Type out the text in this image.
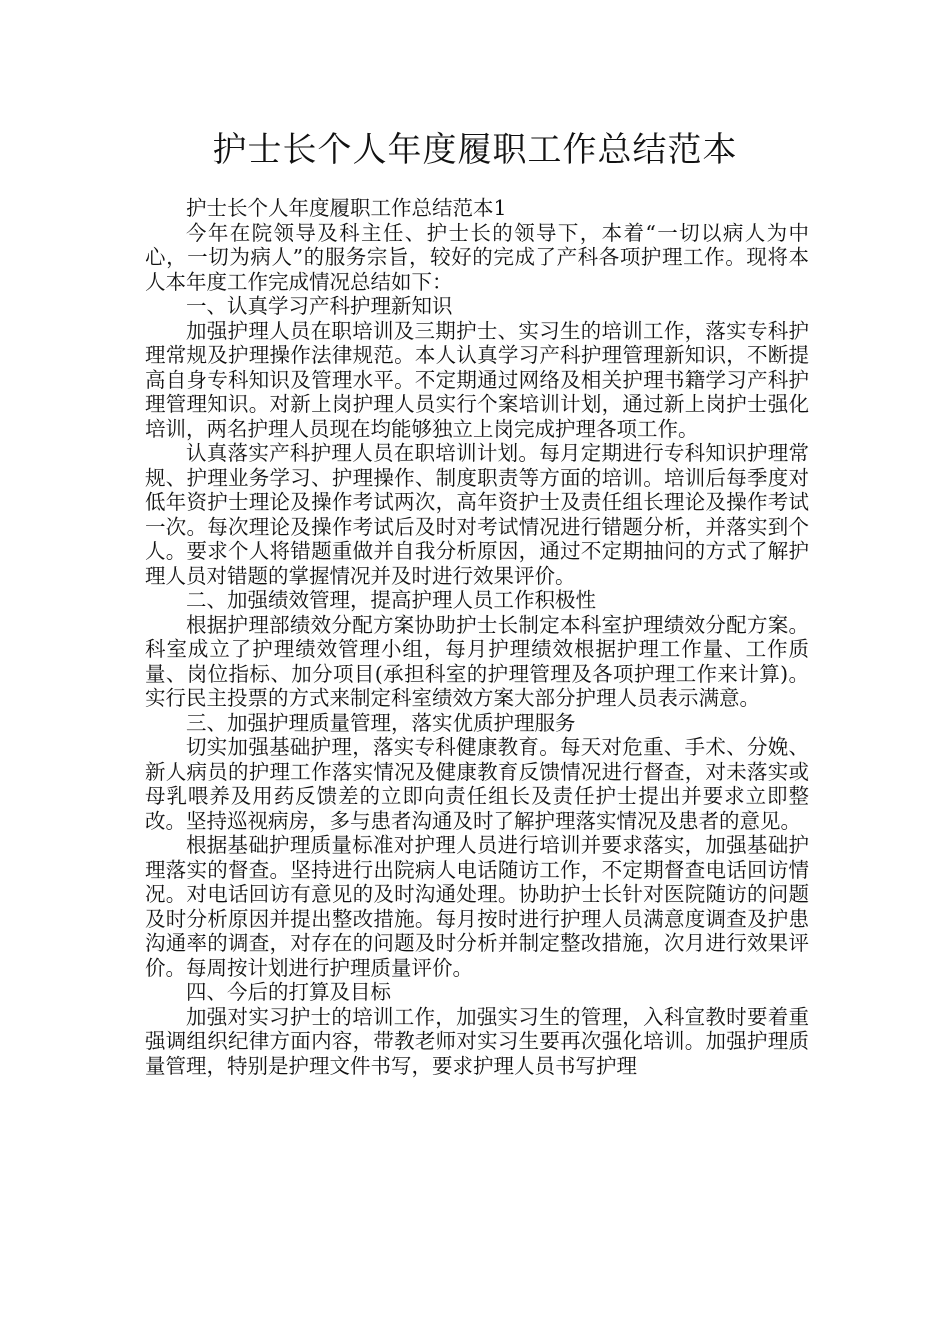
护士长个人年度履职工作总结范本

护士长个人年度履职工作总结范本1

今年在院领导及科主任、护士长的领导下，本着“一切以病人为中心，一切为病人”的服务宗旨，较好的完成了产科各项护理工作。现将本人本年度工作完成情况总结如下：

一、认真学习产科护理新知识

加强护理人员在职培训及三期护士、实习生的培训工作，落实专科护理常规及护理操作法律规范。本人认真学习产科护理管理新知识，不断提高自身专科知识及管理水平。不定期通过网络及相关护理书籍学习产科护理管理知识。对新上岗护理人员实行个案培训计划，通过新上岗护士强化培训，两名护理人员现在均能够独立上岗完成护理各项工作。

认真落实产科护理人员在职培训计划。每月定期进行专科知识护理常规、护理业务学习、护理操作、制度职责等方面的培训。培训后每季度对低年资护士理论及操作考试两次，高年资护士及责任组长理论及操作考试一次。每次理论及操作考试后及时对考试情况进行错题分析，并落实到个人。要求个人将错题重做并自我分析原因，通过不定期抽问的方式了解护理人员对错题的掌握情况并及时进行效果评价。

二、加强绩效管理，提高护理人员工作积极性

根据护理部绩效分配方案协助护士长制定本科室护理绩效分配方案。科室成立了护理绩效管理小组，每月护理绩效根据护理工作量、工作质量、岗位指标、加分项目(承担科室的护理管理及各项护理工作来计算)。实行民主投票的方式来制定科室绩效方案大部分护理人员表示满意。

三、加强护理质量管理，落实优质护理服务

切实加强基础护理，落实专科健康教育。每天对危重、手术、分娩、新人病员的护理工作落实情况及健康教育反馈情况进行督查，对未落实或母乳喂养及用药反馈差的立即向责任组长及责任护士提出并要求立即整改。坚持巡视病房，多与患者沟通及时了解护理落实情况及患者的意见。

根据基础护理质量标准对护理人员进行培训并要求落实，加强基础护理落实的督查。坚持进行出院病人电话随访工作，不定期督查电话回访情况。对电话回访有意见的及时沟通处理。协助护士长针对医院随访的问题及时分析原因并提出整改措施。每月按时进行护理人员满意度调查及护患沟通率的调查，对存在的问题及时分析并制定整改措施，次月进行效果评价。每周按计划进行护理质量评价。

四、今后的打算及目标

加强对实习护士的培训工作，加强实习生的管理，入科宣教时要着重强调组织纪律方面内容，带教老师对实习生要再次强化培训。加强护理质量管理，特别是护理文件书写，要求护理人员书写护理
